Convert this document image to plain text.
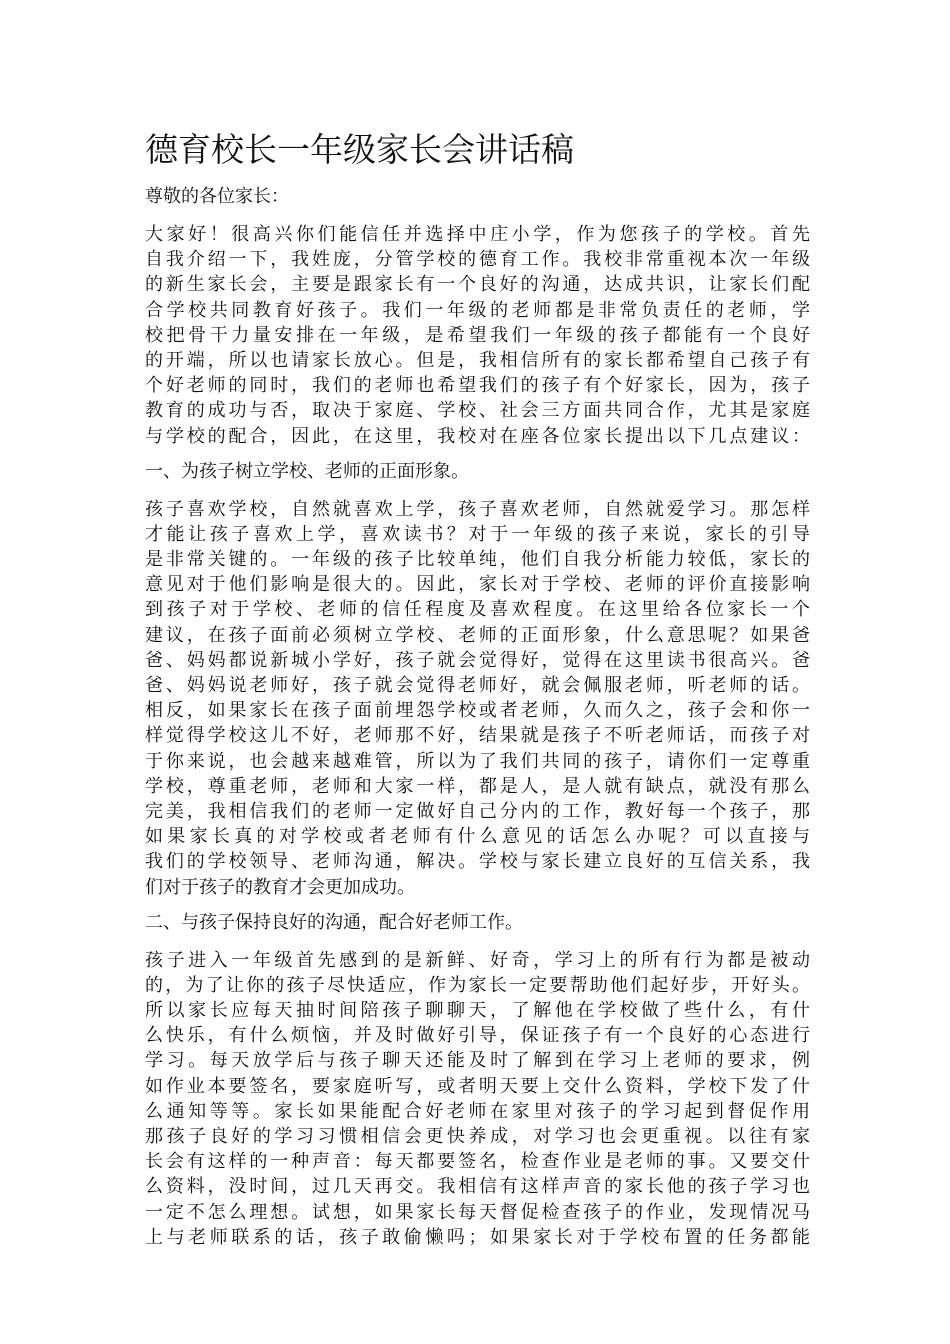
德育校长一年级家长会讲话稿
尊敬的各位家长：
大家好！很高兴你们能信任并选择中庄小学，作为您孩子的学校。首先
自我介绍一下，我姓庞，分管学校的德育工作。我校非常重视本次一年级
的新生家长会，主要是跟家长有一个良好的沟通，达成共识，让家长们配
合学校共同教育好孩子。我们一年级的老师都是非常负责任的老师，学
校把骨干力量安排在一年级，是希望我们一年级的孩子都能有一个良好
的开端，所以也请家长放心。但是，我相信所有的家长都希望自己孩子有
个好老师的同时，我们的老师也希望我们的孩子有个好家长，因为，孩子
教育的成功与否，取决于家庭、学校、社会三方面共同合作，尤其是家庭
与学校的配合，因此，在这里，我校对在座各位家长提出以下几点建议：
一、为孩子树立学校、老师的正面形象。
孩子喜欢学校，自然就喜欢上学，孩子喜欢老师，自然就爱学习。那怎样
才能让孩子喜欢上学，喜欢读书？对于一年级的孩子来说，家长的引导
是非常关键的。一年级的孩子比较单纯，他们自我分析能力较低，家长的
意见对于他们影响是很大的。因此，家长对于学校、老师的评价直接影响
到孩子对于学校、老师的信任程度及喜欢程度。在这里给各位家长一个
建议，在孩子面前必须树立学校、老师的正面形象，什么意思呢？如果爸
爸、妈妈都说新城小学好，孩子就会觉得好，觉得在这里读书很高兴。爸
爸、妈妈说老师好，孩子就会觉得老师好，就会佩服老师，听老师的话。
相反，如果家长在孩子面前埋怨学校或者老师，久而久之，孩子会和你一
样觉得学校这儿不好，老师那不好，结果就是孩子不听老师话，而孩子对
于你来说，也会越来越难管，所以为了我们共同的孩子，请你们一定尊重
学校，尊重老师，老师和大家一样，都是人，是人就有缺点，就没有那么
完美，我相信我们的老师一定做好自己分内的工作，教好每一个孩子，那
如果家长真的对学校或者老师有什么意见的话怎么办呢？可以直接与
我们的学校领导、老师沟通，解决。学校与家长建立良好的互信关系，我
们对于孩子的教育才会更加成功。
二、与孩子保持良好的沟通，配合好老师工作。
孩子进入一年级首先感到的是新鲜、好奇，学习上的所有行为都是被动
的，为了让你的孩子尽快适应，作为家长一定要帮助他们起好步，开好头。
所以家长应每天抽时间陪孩子聊聊天，了解他在学校做了些什么，有什
么快乐，有什么烦恼，并及时做好引导，保证孩子有一个良好的心态进行
学习。每天放学后与孩子聊天还能及时了解到在学习上老师的要求，例
如作业本要签名，要家庭听写，或者明天要上交什么资料，学校下发了什
么通知等等。家长如果能配合好老师在家里对孩子的学习起到督促作用
那孩子良好的学习习惯相信会更快养成，对学习也会更重视。以往有家
长会有这样的一种声音：每天都要签名，检查作业是老师的事。又要交什
么资料，没时间，过几天再交。我相信有这样声音的家长他的孩子学习也
一定不怎么理想。试想，如果家长每天督促检查孩子的作业，发现情况马
上与老师联系的话，孩子敢偷懒吗；如果家长对于学校布置的任务都能
